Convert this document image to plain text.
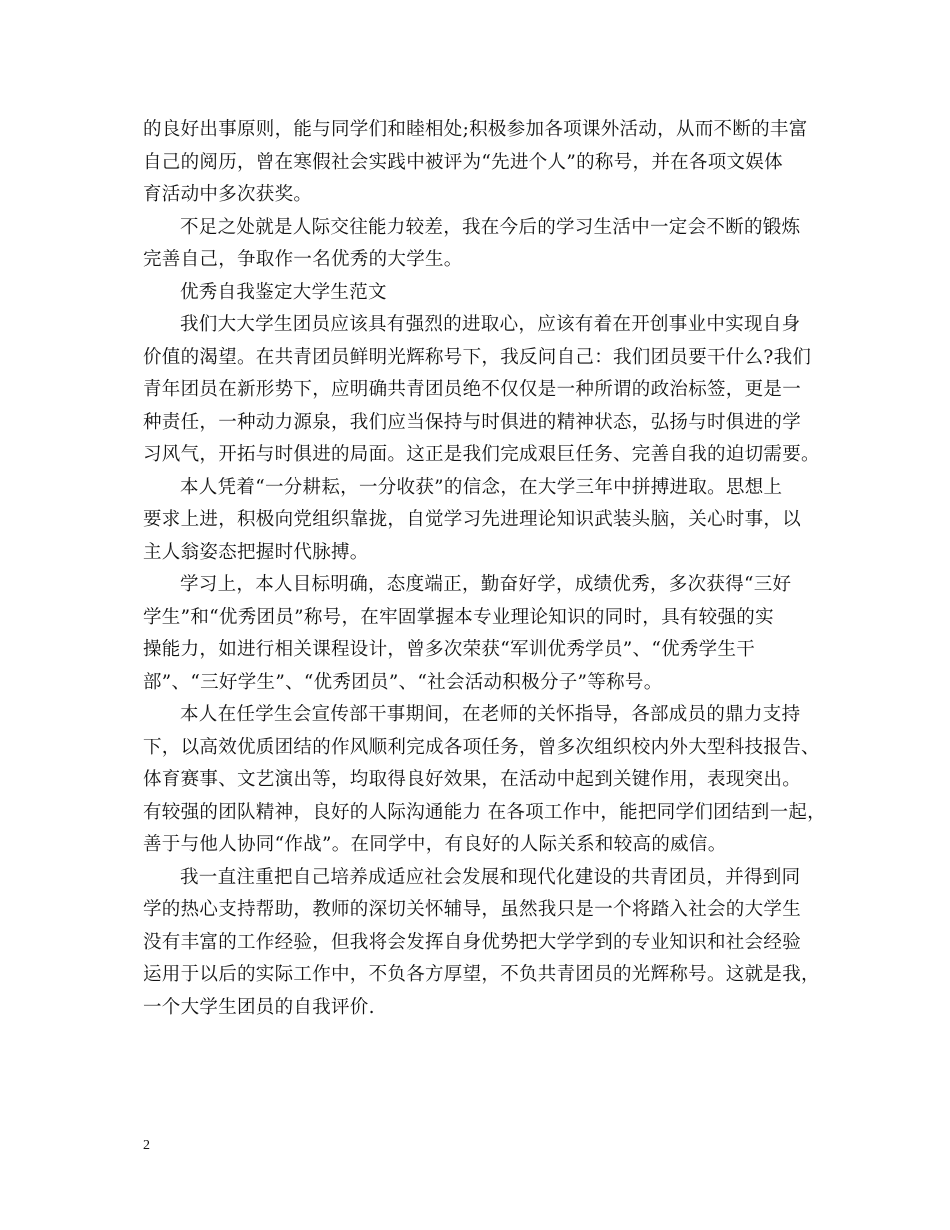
的良好出事原则，能与同学们和睦相处;积极参加各项课外活动，从而不断的丰富
自己的阅历，曾在寒假社会实践中被评为“先进个人”的称号，并在各项文娱体
育活动中多次获奖。
不足之处就是人际交往能力较差，我在今后的学习生活中一定会不断的锻炼
完善自己，争取作一名优秀的大学生。
优秀自我鉴定大学生范文
我们大大学生团员应该具有强烈的进取心，应该有着在开创事业中实现自身
价值的渴望。在共青团员鲜明光辉称号下，我反问自己：我们团员要干什么?我们
青年团员在新形势下，应明确共青团员绝不仅仅是一种所谓的政治标签，更是一
种责任，一种动力源泉，我们应当保持与时俱进的精神状态，弘扬与时俱进的学
习风气，开拓与时俱进的局面。这正是我们完成艰巨任务、完善自我的迫切需要。
本人凭着“一分耕耘，一分收获”的信念，在大学三年中拼搏进取。思想上
要求上进，积极向党组织靠拢，自觉学习先进理论知识武装头脑，关心时事，以
主人翁姿态把握时代脉搏。
学习上，本人目标明确，态度端正，勤奋好学，成绩优秀，多次获得“三好
学生”和“优秀团员”称号，在牢固掌握本专业理论知识的同时，具有较强的实
操能力，如进行相关课程设计，曾多次荣获“军训优秀学员”、“优秀学生干
部”、“三好学生”、“优秀团员”、“社会活动积极分子”等称号。
本人在任学生会宣传部干事期间，在老师的关怀指导，各部成员的鼎力支持
下，以高效优质团结的作风顺利完成各项任务，曾多次组织校内外大型科技报告、
体育赛事、文艺演出等，均取得良好效果，在活动中起到关键作用，表现突出。
有较强的团队精神，良好的人际沟通能力 在各项工作中，能把同学们团结到一起，
善于与他人协同“作战”。在同学中，有良好的人际关系和较高的威信。
我一直注重把自己培养成适应社会发展和现代化建设的共青团员，并得到同
学的热心支持帮助，教师的深切关怀辅导，虽然我只是一个将踏入社会的大学生
没有丰富的工作经验，但我将会发挥自身优势把大学学到的专业知识和社会经验
运用于以后的实际工作中，不负各方厚望，不负共青团员的光辉称号。这就是我，
一个大学生团员的自我评价.
2
